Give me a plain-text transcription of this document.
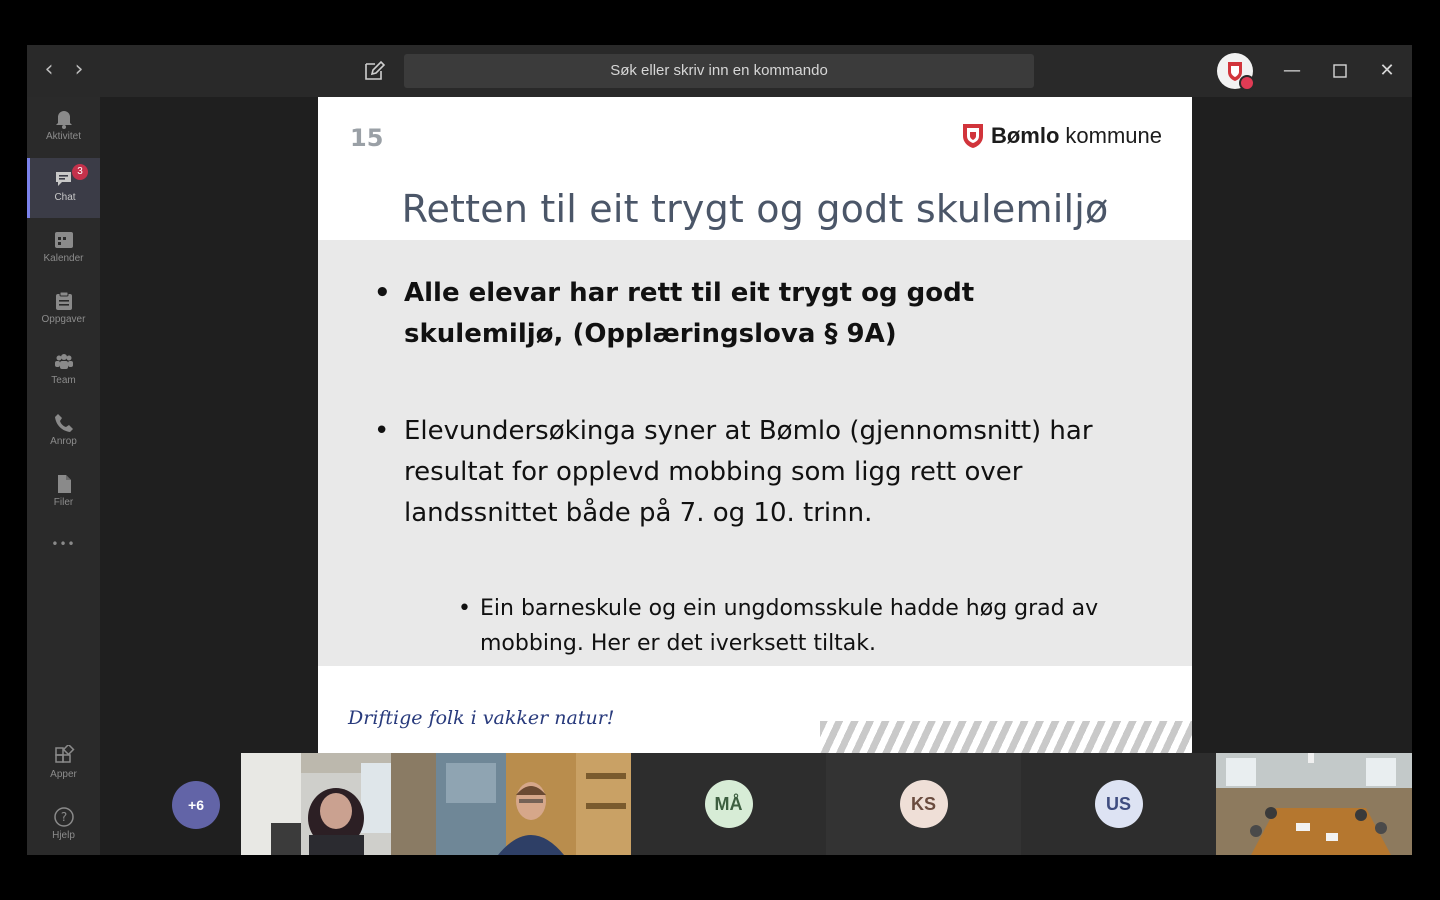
‹ ›	Søk eller skriv inn en kommando	—	✕
Aktivitet
3
Chat
Kalender
Oppgaver
Team
Anrop
Filer
•••
Apper
?
Hjelp
15	Bømlo kommune
Retten til eit trygt og godt skulemiljø
• Alle elevar har rett til eit trygt og godt skulemiljø, (Opplæringslova § 9A)
• Elevundersøkinga syner at Bømlo (gjennomsnitt) har resultat for opplevd mobbing som ligg rett over landssnittet både på 7. og 10. trinn.
• Ein barneskule og ein ungdomsskule hadde høg grad av mobbing. Her er det iverksett tiltak.
Driftige folk i vakker natur!
+6	MÅ	KS	US
